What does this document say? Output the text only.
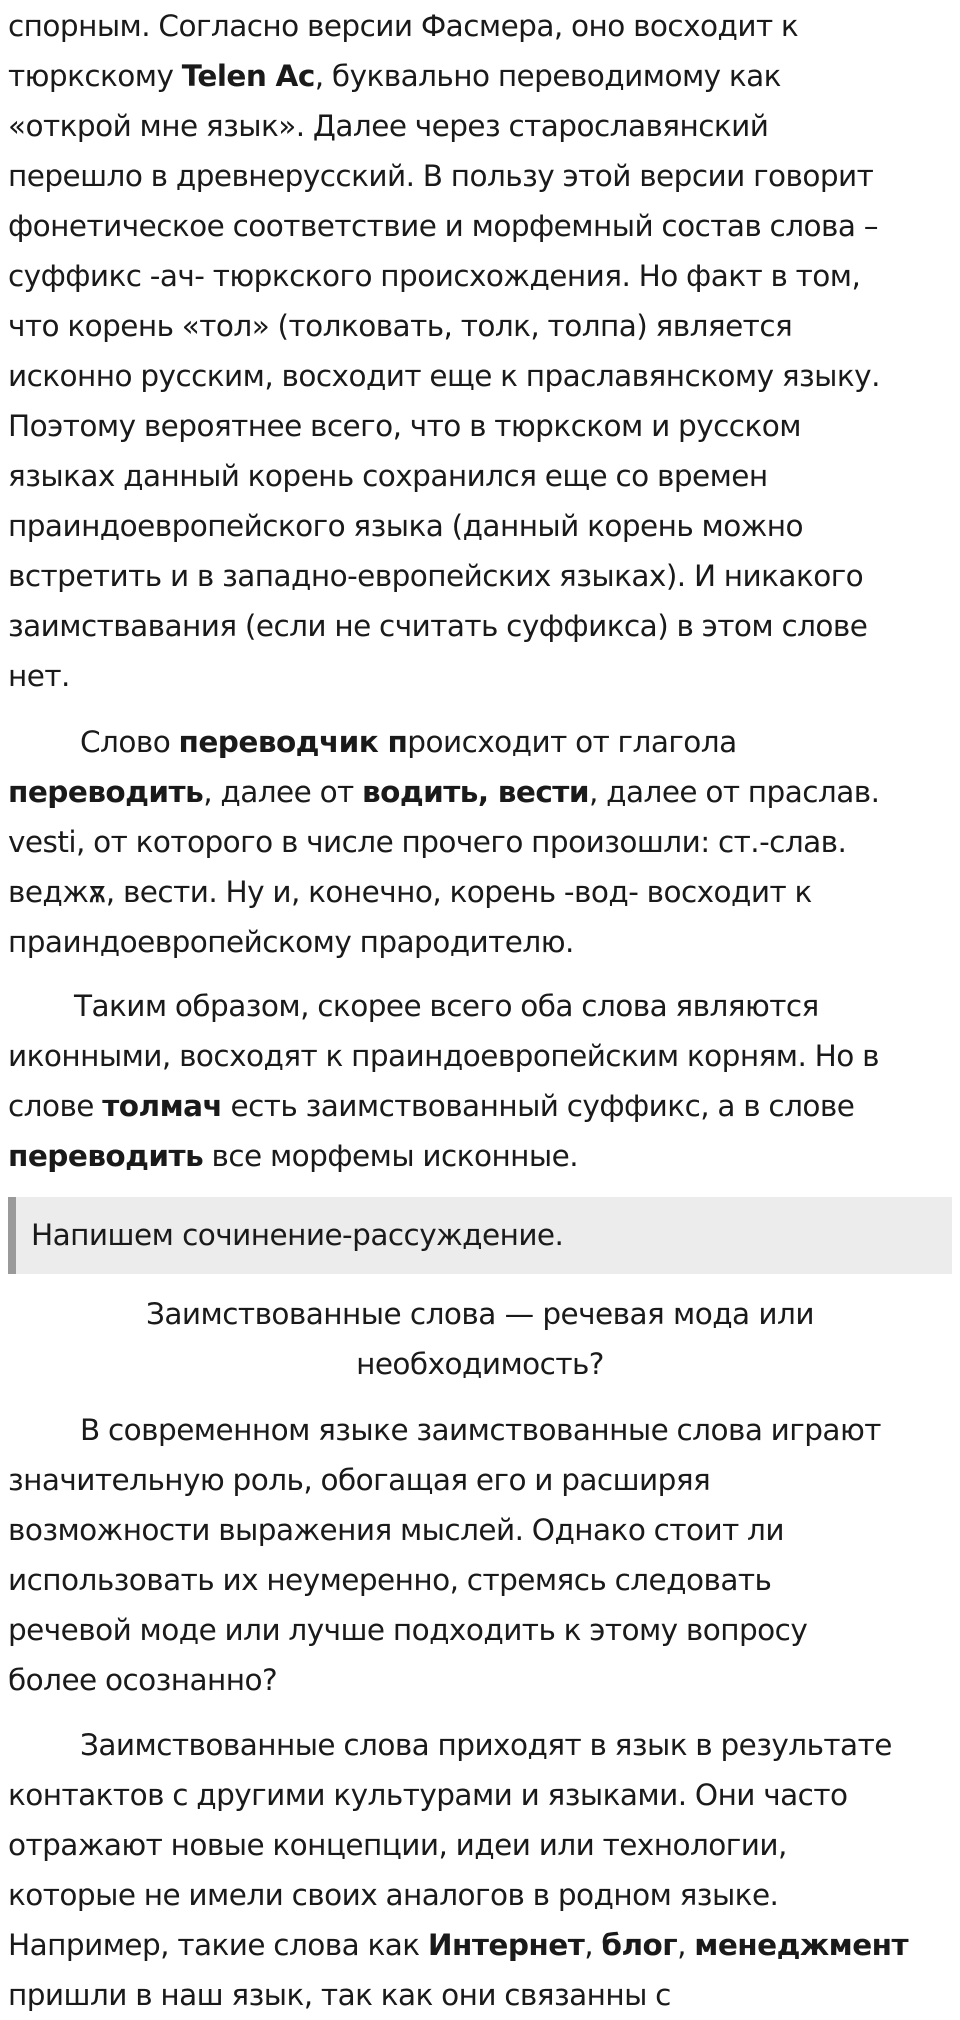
спорным. Согласно версии Фасмера, оно восходит к
тюркскому Telen Ac, буквально переводимому как
«открой мне язык». Далее через старославянский
перешло в древнерусский. В пользу этой версии говорит
фонетическое соответствие и морфемный состав слова –
суффикс -ач- тюркского происхождения. Но факт в том,
что корень «тол» (толковать, толк, толпа) является
исконно русским, восходит еще к праславянскому языку.
Поэтому вероятнее всего, что в тюркском и русском
языках данный корень сохранился еще со времен
праиндоевропейского языка (данный корень можно
встретить и в западно-европейских языках). И никакого
заимствавания (если не считать суффикса) в этом слове
нет.
Слово переводчик происходит от глагола
переводить, далее от водить, вести, далее от праслав.
vesti, от которого в числе прочего произошли: ст.-слав.
веджѫ, вести. Ну и, конечно, корень -вод- восходит к
праиндоевропейскому прародителю.
Таким образом, скорее всего оба слова являются
иконными, восходят к праиндоевропейским корням. Но в
слове толмач есть заимствованный суффикс, а в слове
переводить все морфемы исконные.
Напишем сочинение-рассуждение.
Заимствованные слова — речевая мода или
необходимость?
В современном языке заимствованные слова играют
значительную роль, обогащая его и расширяя
возможности выражения мыслей. Однако стоит ли
использовать их неумеренно, стремясь следовать
речевой моде или лучше подходить к этому вопросу
более осознанно?
Заимствованные слова приходят в язык в результате
контактов с другими культурами и языками. Они часто
отражают новые концепции, идеи или технологии,
которые не имели своих аналогов в родном языке.
Например, такие слова как Интернет, блог, менеджмент
пришли в наш язык, так как они связанны с
